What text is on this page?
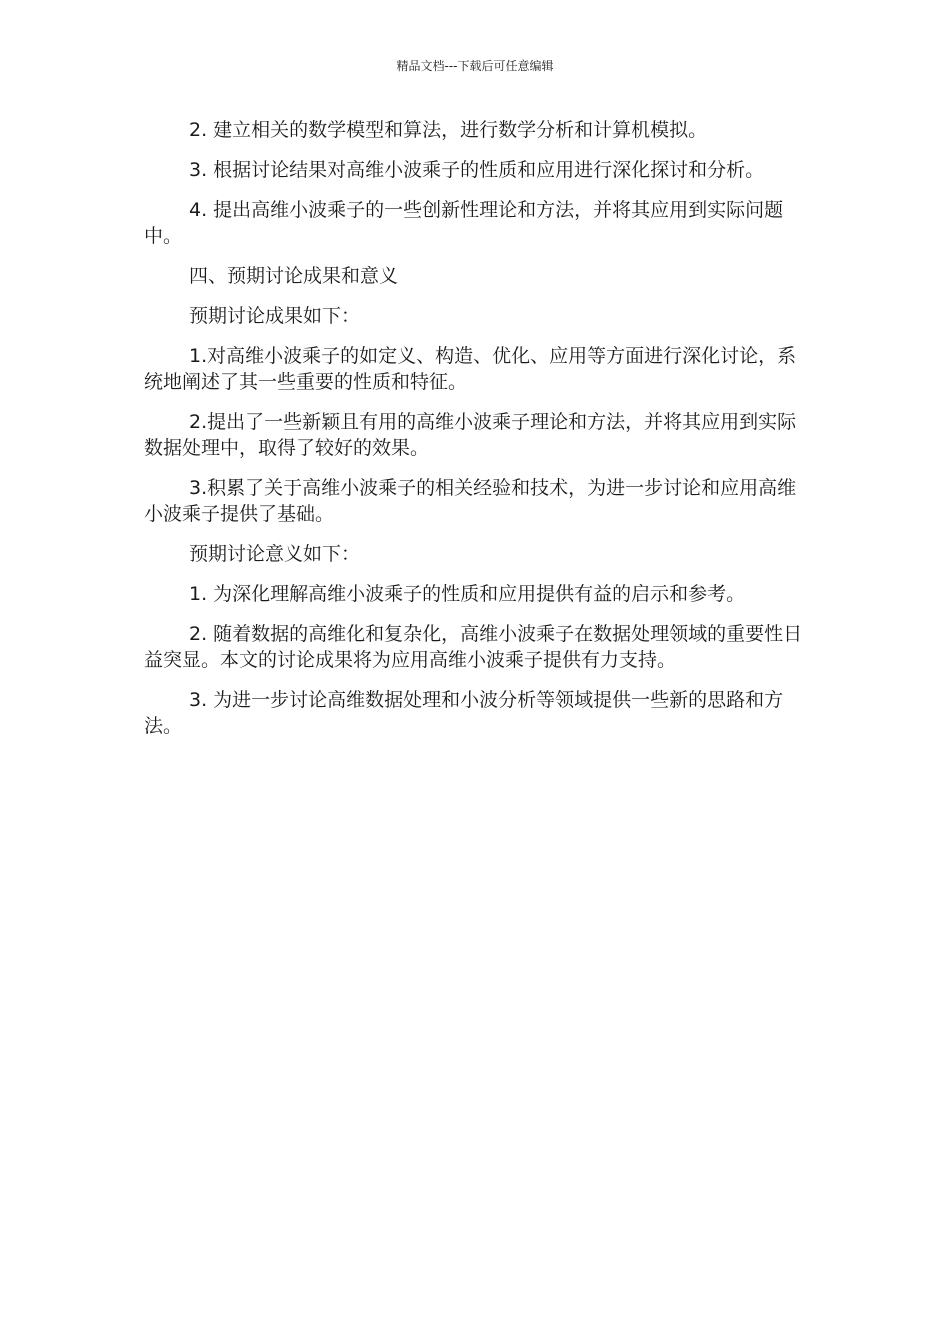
精品文档---下载后可任意编辑

2. 建立相关的数学模型和算法，进行数学分析和计算机模拟。

3. 根据讨论结果对高维小波乘子的性质和应用进行深化探讨和分析。

4. 提出高维小波乘子的一些创新性理论和方法，并将其应用到实际问题中。

四、预期讨论成果和意义

预期讨论成果如下：

1.对高维小波乘子的如定义、构造、优化、应用等方面进行深化讨论，系统地阐述了其一些重要的性质和特征。

2.提出了一些新颖且有用的高维小波乘子理论和方法，并将其应用到实际数据处理中，取得了较好的效果。

3.积累了关于高维小波乘子的相关经验和技术，为进一步讨论和应用高维小波乘子提供了基础。

预期讨论意义如下：

1. 为深化理解高维小波乘子的性质和应用提供有益的启示和参考。

2. 随着数据的高维化和复杂化，高维小波乘子在数据处理领域的重要性日益突显。本文的讨论成果将为应用高维小波乘子提供有力支持。

3. 为进一步讨论高维数据处理和小波分析等领域提供一些新的思路和方法。
